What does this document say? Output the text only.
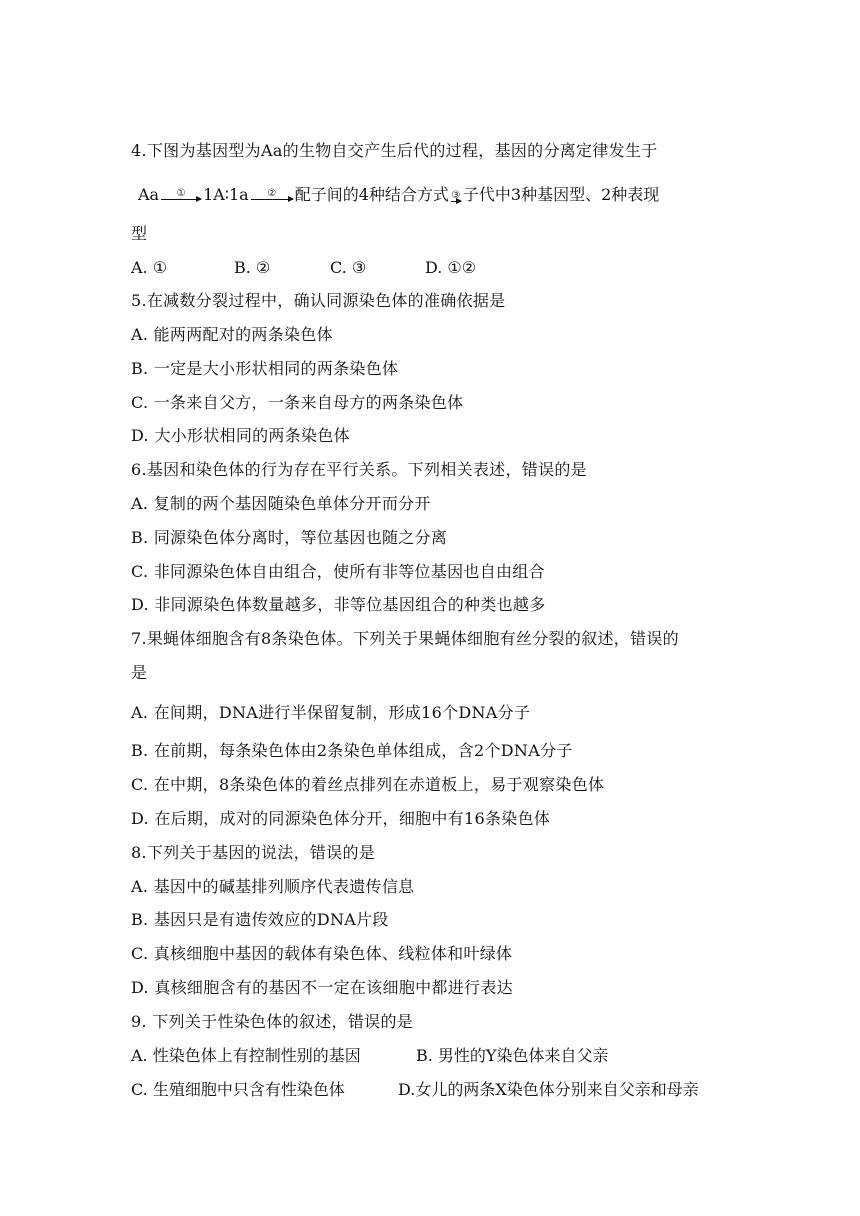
4.下图为基因型为Aa的生物自交产生后代的过程，基因的分离定律发生于
Aa ① 1A∶1a ② 配子间的4种结合方式 ③ 子代中3种基因型、2种表现
型
A. ①	B. ②	C. ③	D. ①②
5.在减数分裂过程中，确认同源染色体的准确依据是
A. 能两两配对的两条染色体
B. 一定是大小形状相同的两条染色体
C. 一条来自父方，一条来自母方的两条染色体
D. 大小形状相同的两条染色体
6.基因和染色体的行为存在平行关系。下列相关表述，错误的是
A. 复制的两个基因随染色单体分开而分开
B. 同源染色体分离时，等位基因也随之分离
C. 非同源染色体自由组合，使所有非等位基因也自由组合
D. 非同源染色体数量越多，非等位基因组合的种类也越多
7.果蝇体细胞含有8条染色体。下列关于果蝇体细胞有丝分裂的叙述，错误的
是
A. 在间期，DNA进行半保留复制，形成16个DNA分子
B. 在前期，每条染色体由2条染色单体组成，含2个DNA分子
C. 在中期，8条染色体的着丝点排列在赤道板上，易于观察染色体
D. 在后期，成对的同源染色体分开，细胞中有16条染色体
8.下列关于基因的说法，错误的是
A. 基因中的碱基排列顺序代表遗传信息
B. 基因只是有遗传效应的DNA片段
C. 真核细胞中基因的载体有染色体、线粒体和叶绿体
D. 真核细胞含有的基因不一定在该细胞中都进行表达
9. 下列关于性染色体的叙述，错误的是
A. 性染色体上有控制性别的基因	B. 男性的Y染色体来自父亲
C. 生殖细胞中只含有性染色体	D.女儿的两条X染色体分别来自父亲和母亲
